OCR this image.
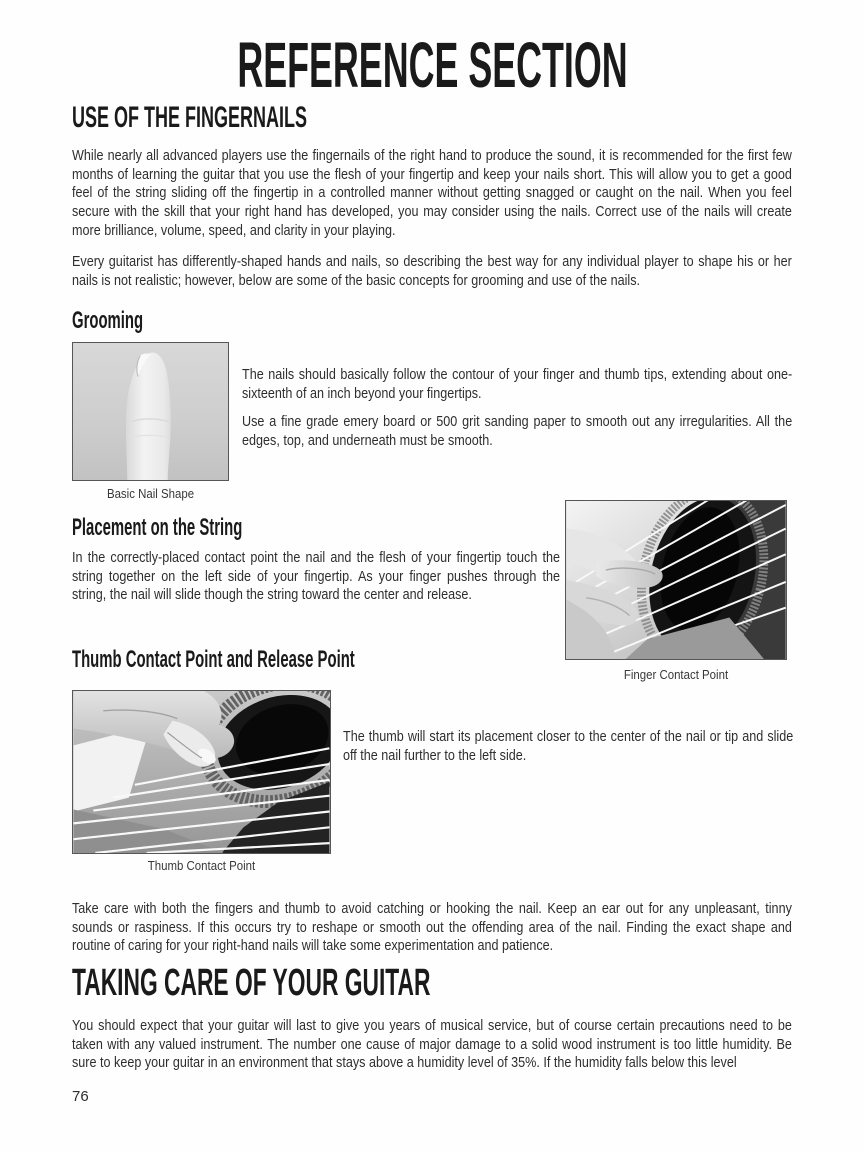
REFERENCE SECTION
USE OF THE FINGERNAILS

While nearly all advanced players use the fingernails of the right hand to produce the sound, it is recommended for the first few months of learning the guitar that you use the flesh of your fingertip and keep your nails short. This will allow you to get a good feel of the string sliding off the fingertip in a controlled manner without getting snagged or caught on the nail. When you feel secure with the skill that your right hand has developed, you may consider using the nails. Correct use of the nails will create more brilliance, volume, speed, and clarity in your playing.

Every guitarist has differently-shaped hands and nails, so describing the best way for any individual player to shape his or her nails is not realistic; however, below are some of the basic concepts for grooming and use of the nails.

Grooming
Basic Nail Shape

The nails should basically follow the contour of your finger and thumb tips, extending about one-sixteenth of an inch beyond your fingertips.

Use a fine grade emery board or 500 grit sanding paper to smooth out any irregularities. All the edges, top, and underneath must be smooth.

Placement on the String

In the correctly-placed contact point the nail and the flesh of your fingertip touch the string together on the left side of your fingertip. As your finger pushes through the string, the nail will slide though the string toward the center and release.

Finger Contact Point
Thumb Contact Point and Release Point
Thumb Contact Point

The thumb will start its placement closer to the center of the nail or tip and slide off the nail further to the left side.

Take care with both the fingers and thumb to avoid catching or hooking the nail. Keep an ear out for any unpleasant, tinny sounds or raspiness. If this occurs try to reshape or smooth out the offending area of the nail. Finding the exact shape and routine of caring for your right-hand nails will take some experimentation and patience.

TAKING CARE OF YOUR GUITAR

You should expect that your guitar will last to give you years of musical service, but of course certain precautions need to be taken with any valued instrument. The number one cause of major damage to a solid wood instrument is too little humidity. Be sure to keep your guitar in an environment that stays above a humidity level of 35%. If the humidity falls below this level

76
